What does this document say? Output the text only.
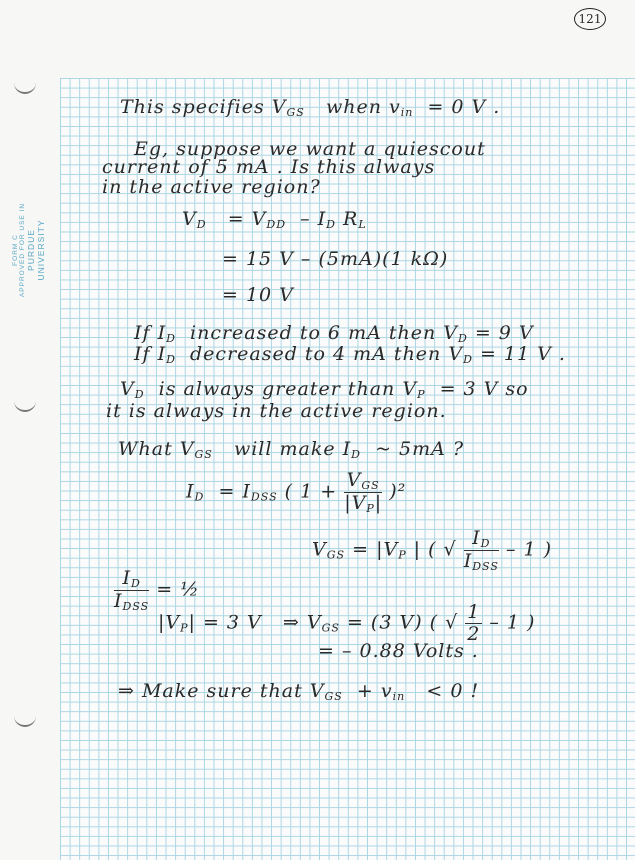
FORM C APPROVED FOR USE IN PURDUE UNIVERSITY
121
This specifies $V_{GS}$ when $v_{in} = 0$ V .
Eg, suppose we want a quiescout
current of 5 mA . Is this always
in the active region?
$V_D = V_{DD} - I_D$ $R_L$
= 15 V – (5mA)(1 kΩ)
= 10 V
If $I_D$ increased to 6 mA then $V_D = 9$ V
If $I_D$ decreased to 4 mA then $V_D = 11$ V .
$V_D$ is always greater than $V_P = 3$ V so
it is always in the active region.
What $V_{GS}$ will make $I_D$ ~ 5mA ?
$I_D = I_{DSS}$ ( $1 + \frac{V_{GS}}{|V_P|} )^2$
$V_{GS} = |V_P$ | ( √ $\frac{I_D}{I_{DSS}} - 1$ )
$\frac{I_D}{I_{DSS}}$ = ½
$|V_P| = 3$ V ⇒ $V_{GS} = (3$ V) ( √ $\frac{1}{2} - 1$ )
= – 0.88 Volts .
⇒ Make sure that $V_{GS} + v_{in} < 0$ !
